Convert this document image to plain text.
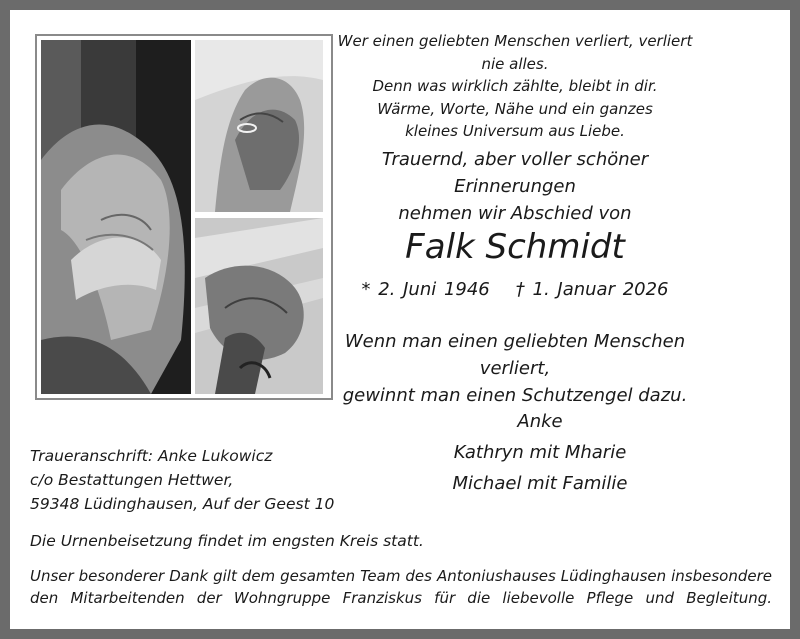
Wer einen geliebten Menschen verliert, verliert nie alles.
Denn was wirklich zählte, bleibt in dir.
Wärme, Worte, Nähe und ein ganzes
kleines Universum aus Liebe.
Trauernd, aber voller schöner Erinnerungen
nehmen wir Abschied von
Falk Schmidt
* 2. Juni 1946 † 1. Januar 2026
Wenn man einen geliebten Menschen verliert,
gewinnt man einen Schutzengel dazu.
Anke
Kathryn mit Mharie
Michael mit Familie
Traueranschrift: Anke Lukowicz
c/o Bestattungen Hettwer,
59348 Lüdinghausen, Auf der Geest 10
Die Urnenbeisetzung findet im engsten Kreis statt.
Unser besonderer Dank gilt dem gesamten Team des Antoniushauses Lüdinghausen insbesondere
den Mitarbeitenden der Wohngruppe Franziskus für die liebevolle Pflege und Begleitung.
